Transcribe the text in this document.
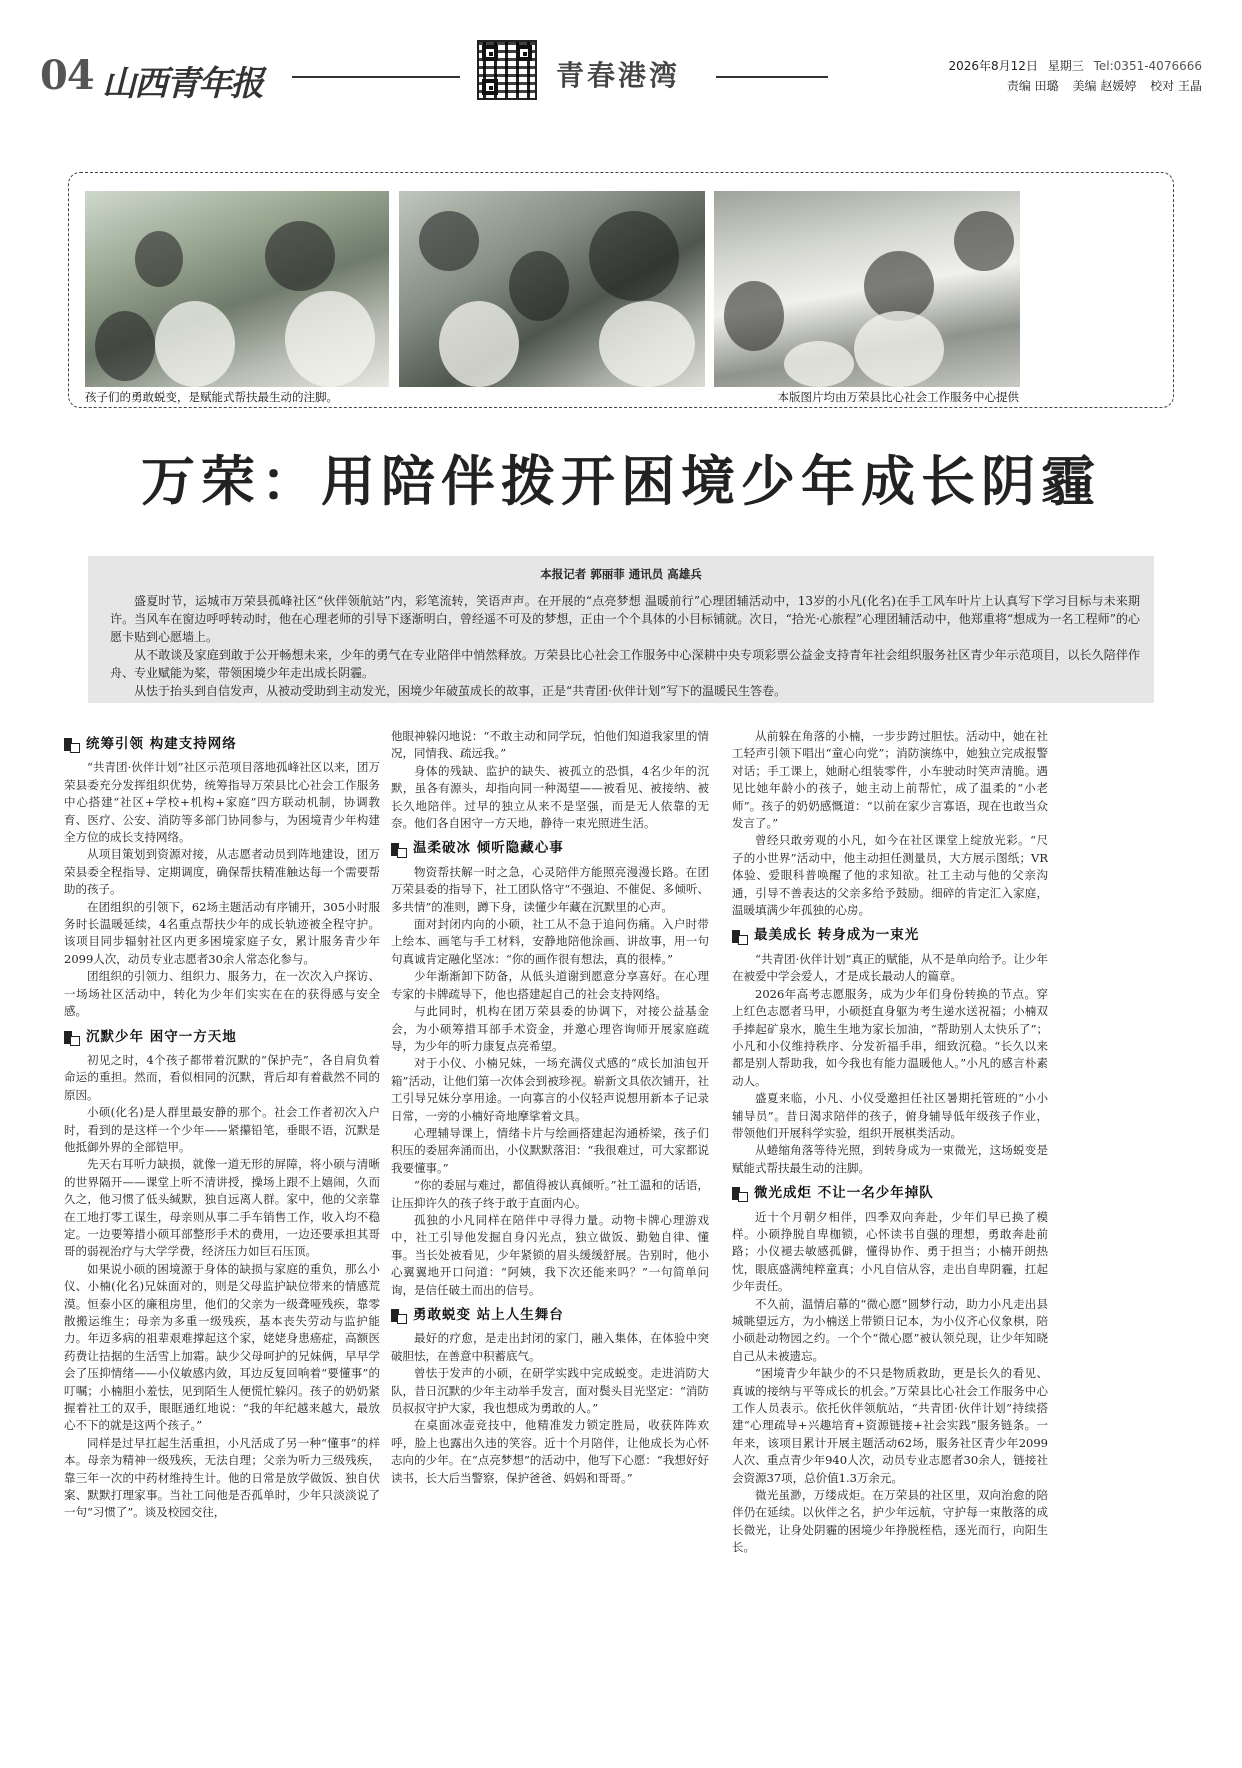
04 山西青年报	青春港湾	2026年8月12日 星期三 Tel:0351-4076666
责编 田璐 美编 赵媛婷 校对 王晶
孩子们的勇敢蜕变，是赋能式帮扶最生动的注脚。	本版图片均由万荣县比心社会工作服务中心提供
万荣：用陪伴拨开困境少年成长阴霾
本报记者 郭丽菲 通讯员 高雄兵

盛夏时节，运城市万荣县孤峰社区“伙伴领航站”内，彩笔流转，笑语声声。在开展的“点亮梦想 温暖前行”心理团辅活动中，13岁的小凡(化名)在手工风车叶片上认真写下学习目标与未来期许。当风车在窗边呼呼转动时，他在心理老师的引导下逐渐明白，曾经遥不可及的梦想，正由一个个具体的小目标铺就。次日，“拾光·心旅程”心理团辅活动中，他郑重将“想成为一名工程师”的心愿卡贴到心愿墙上。

从不敢谈及家庭到敢于公开畅想未来，少年的勇气在专业陪伴中悄然释放。万荣县比心社会工作服务中心深耕中央专项彩票公益金支持青年社会组织服务社区青少年示范项目，以长久陪伴作舟、专业赋能为桨，带领困境少年走出成长阴霾。

从怯于抬头到自信发声，从被动受助到主动发光，困境少年破茧成长的故事，正是“共青团·伙伴计划”写下的温暖民生答卷。

统筹引领 构建支持网络

“共青团·伙伴计划”社区示范项目落地孤峰社区以来，团万荣县委充分发挥组织优势，统筹指导万荣县比心社会工作服务中心搭建“社区+学校+机构+家庭”四方联动机制，协调教育、医疗、公安、消防等多部门协同参与，为困境青少年构建全方位的成长支持网络。

从项目策划到资源对接，从志愿者动员到阵地建设，团万荣县委全程指导、定期调度，确保帮扶精准触达每一个需要帮助的孩子。

在团组织的引领下，62场主题活动有序铺开，305小时服务时长温暖延续，4名重点帮扶少年的成长轨迹被全程守护。该项目同步辐射社区内更多困境家庭子女，累计服务青少年2099人次，动员专业志愿者30余人常态化参与。

团组织的引领力、组织力、服务力，在一次次入户探访、一场场社区活动中，转化为少年们实实在在的获得感与安全感。

沉默少年 困守一方天地

初见之时，4个孩子都带着沉默的“保护壳”，各自肩负着命运的重担。然而，看似相同的沉默，背后却有着截然不同的原因。

小硕(化名)是人群里最安静的那个。社会工作者初次入户时，看到的是这样一个少年——紧攥铅笔，垂眼不语，沉默是他抵御外界的全部铠甲。

先天右耳听力缺损，就像一道无形的屏障，将小硕与清晰的世界隔开——课堂上听不清讲授，操场上跟不上嬉闹，久而久之，他习惯了低头缄默，独自远离人群。家中，他的父亲靠在工地打零工谋生，母亲则从事二手车销售工作，收入均不稳定。一边要筹措小硕耳部整形手术的费用，一边还要承担其哥哥的弱视治疗与大学学费，经济压力如巨石压顶。

如果说小硕的困境源于身体的缺损与家庭的重负，那么小仪、小楠(化名)兄妹面对的，则是父母监护缺位带来的情感荒漠。恒泰小区的廉租房里，他们的父亲为一级聋哑残疾，靠零散搬运维生；母亲为多重一级残疾，基本丧失劳动与监护能力。年迈多病的祖辈艰难撑起这个家，姥姥身患癌症，高额医药费让拮据的生活雪上加霜。缺少父母呵护的兄妹俩，早早学会了压抑情绪——小仪敏感内敛，耳边反复回响着“要懂事”的叮嘱；小楠胆小羞怯，见到陌生人便慌忙躲闪。孩子的奶奶紧握着社工的双手，眼眶通红地说：“我的年纪越来越大，最放心不下的就是这两个孩子。”

同样是过早扛起生活重担，小凡活成了另一种“懂事”的样本。母亲为精神一级残疾，无法自理；父亲为听力三级残疾，靠三年一次的中药材维持生计。他的日常是放学做饭、独自伏案、默默打理家事。当社工问他是否孤单时，少年只淡淡说了一句“习惯了”。谈及校园交往，

他眼神躲闪地说：“不敢主动和同学玩，怕他们知道我家里的情况，同情我、疏远我。”

身体的残缺、监护的缺失、被孤立的恐惧，4名少年的沉默，虽各有源头，却指向同一种渴望——被看见、被接纳、被长久地陪伴。过早的独立从来不是坚强，而是无人依靠的无奈。他们各自困守一方天地，静待一束光照进生活。

温柔破冰 倾听隐藏心事

物资帮扶解一时之急，心灵陪伴方能照亮漫漫长路。在团万荣县委的指导下，社工团队恪守“不强迫、不催促、多倾听、多共情”的准则，蹲下身，读懂少年藏在沉默里的心声。

面对封闭内向的小硕，社工从不急于追问伤痛。入户时带上绘本、画笔与手工材料，安静地陪他涂画、讲故事，用一句句真诚肯定融化坚冰：“你的画作很有想法，真的很棒。”

少年渐渐卸下防备，从低头道谢到愿意分享喜好。在心理专家的卡牌疏导下，他也搭建起自己的社会支持网络。

与此同时，机构在团万荣县委的协调下，对接公益基金会，为小硕筹措耳部手术资金，并邀心理咨询师开展家庭疏导，为少年的听力康复点亮希望。

对于小仪、小楠兄妹，一场充满仪式感的“成长加油包开箱”活动，让他们第一次体会到被珍视。崭新文具依次铺开，社工引导兄妹分享用途。一向寡言的小仪轻声说想用新本子记录日常，一旁的小楠好奇地摩挲着文具。

心理辅导课上，情绪卡片与绘画搭建起沟通桥梁，孩子们积压的委屈奔涌而出，小仪默默落泪：“我很难过，可大家都说我要懂事。”

“你的委屈与难过，都值得被认真倾听。”社工温和的话语，让压抑许久的孩子终于敢于直面内心。

孤独的小凡同样在陪伴中寻得力量。动物卡牌心理游戏中，社工引导他发掘自身闪光点，独立做饭、勤勉自律、懂事。当长处被看见，少年紧锁的眉头缓缓舒展。告别时，他小心翼翼地开口问道：“阿姨，我下次还能来吗？”一句简单问询，是信任破土而出的信号。

勇敢蜕变 站上人生舞台

最好的疗愈，是走出封闭的家门，融入集体，在体验中突破胆怯，在善意中积蓄底气。

曾怯于发声的小硕，在研学实践中完成蜕变。走进消防大队，昔日沉默的少年主动举手发言，面对鬓头目光坚定：“消防员叔叔守护大家，我也想成为勇敢的人。”

在桌面冰壶竞技中，他精准发力锁定胜局，收获阵阵欢呼，脸上也露出久违的笑容。近十个月陪伴，让他成长为心怀志向的少年。在“点亮梦想”的活动中，他写下心愿：“我想好好读书，长大后当警察，保护爸爸、妈妈和哥哥。”

从前躲在角落的小楠，一步步跨过胆怯。活动中，她在社工轻声引领下唱出“童心向党”；消防演练中，她独立完成报警对话；手工课上，她耐心组装零件，小车驶动时笑声清脆。遇见比她年龄小的孩子，她主动上前帮忙，成了温柔的“小老师”。孩子的奶奶感慨道：“以前在家少言寡语，现在也敢当众发言了。”

曾经只敢旁观的小凡，如今在社区课堂上绽放光彩。“尺子的小世界”活动中，他主动担任测量员，大方展示图纸；VR体验、爱眼科普唤醒了他的求知欲。社工主动与他的父亲沟通，引导不善表达的父亲多给予鼓励。细碎的肯定汇入家庭，温暖填满少年孤独的心房。

最美成长 转身成为一束光

“共青团·伙伴计划”真正的赋能，从不是单向给予。让少年在被爱中学会爱人，才是成长最动人的篇章。

2026年高考志愿服务，成为少年们身份转换的节点。穿上红色志愿者马甲，小硕挺直身躯为考生递水送祝福；小楠双手捧起矿泉水，脆生生地为家长加油，“帮助别人太快乐了”；小凡和小仪维持秩序、分发祈福手串，细致沉稳。“长久以来都是别人帮助我，如今我也有能力温暖他人。”小凡的感言朴素动人。

盛夏来临，小凡、小仪受邀担任社区暑期托管班的“小小辅导员”。昔日渴求陪伴的孩子，俯身辅导低年级孩子作业，带领他们开展科学实验，组织开展棋类活动。

从蜷缩角落等待光照，到转身成为一束微光，这场蜕变是赋能式帮扶最生动的注脚。

微光成炬 不让一名少年掉队

近十个月朝夕相伴，四季双向奔赴，少年们早已换了模样。小硕挣脱自卑枷锁，心怀读书自强的理想，勇敢奔赴前路；小仪褪去敏感孤僻，懂得协作、勇于担当；小楠开朗热忱，眼底盛满纯粹童真；小凡自信从容，走出自卑阴霾，扛起少年责任。

不久前，温情启幕的“微心愿”圆梦行动，助力小凡走出县城眺望远方，为小楠送上带锁日记本，为小仪齐心仪象棋，陪小硕赴动物园之约。一个个“微心愿”被认领兑现，让少年知晓自己从未被遗忘。

“困境青少年缺少的不只是物质救助，更是长久的看见、真诚的接纳与平等成长的机会。”万荣县比心社会工作服务中心工作人员表示。依托伙伴领航站，“共青团·伙伴计划”持续搭建“心理疏导+兴趣培育+资源链接+社会实践”服务链条。一年来，该项目累计开展主题活动62场，服务社区青少年2099人次、重点青少年940人次，动员专业志愿者30余人，链接社会资源37项，总价值1.3万余元。

微光虽渺，万缕成炬。在万荣县的社区里，双向治愈的陪伴仍在延续。以伙伴之名，护少年远航，守护每一束散落的成长微光，让身处阴霾的困境少年挣脱桎梏，逐光而行，向阳生长。
